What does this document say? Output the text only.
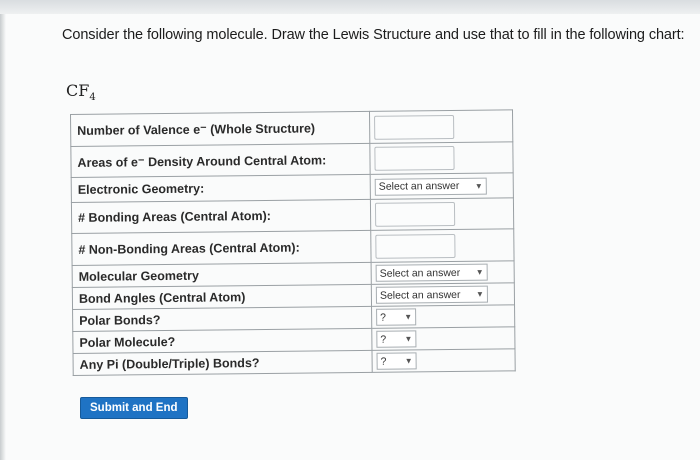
Consider the following molecule. Draw the Lewis Structure and use that to fill in the following chart:
$CF_4$
Number of Valence e⁻ (Whole Structure)	

Areas of e⁻ Density Around Central Atom:	

Electronic Geometry:	Select an answer ▼

# Bonding Areas (Central Atom):	

# Non-Bonding Areas (Central Atom):	

Molecular Geometry	Select an answer ▼

Bond Angles (Central Atom)	Select an answer ▼

Polar Bonds?	? ▼

Polar Molecule?	? ▼

Any Pi (Double/Triple) Bonds?	? ▼
Submit and End
